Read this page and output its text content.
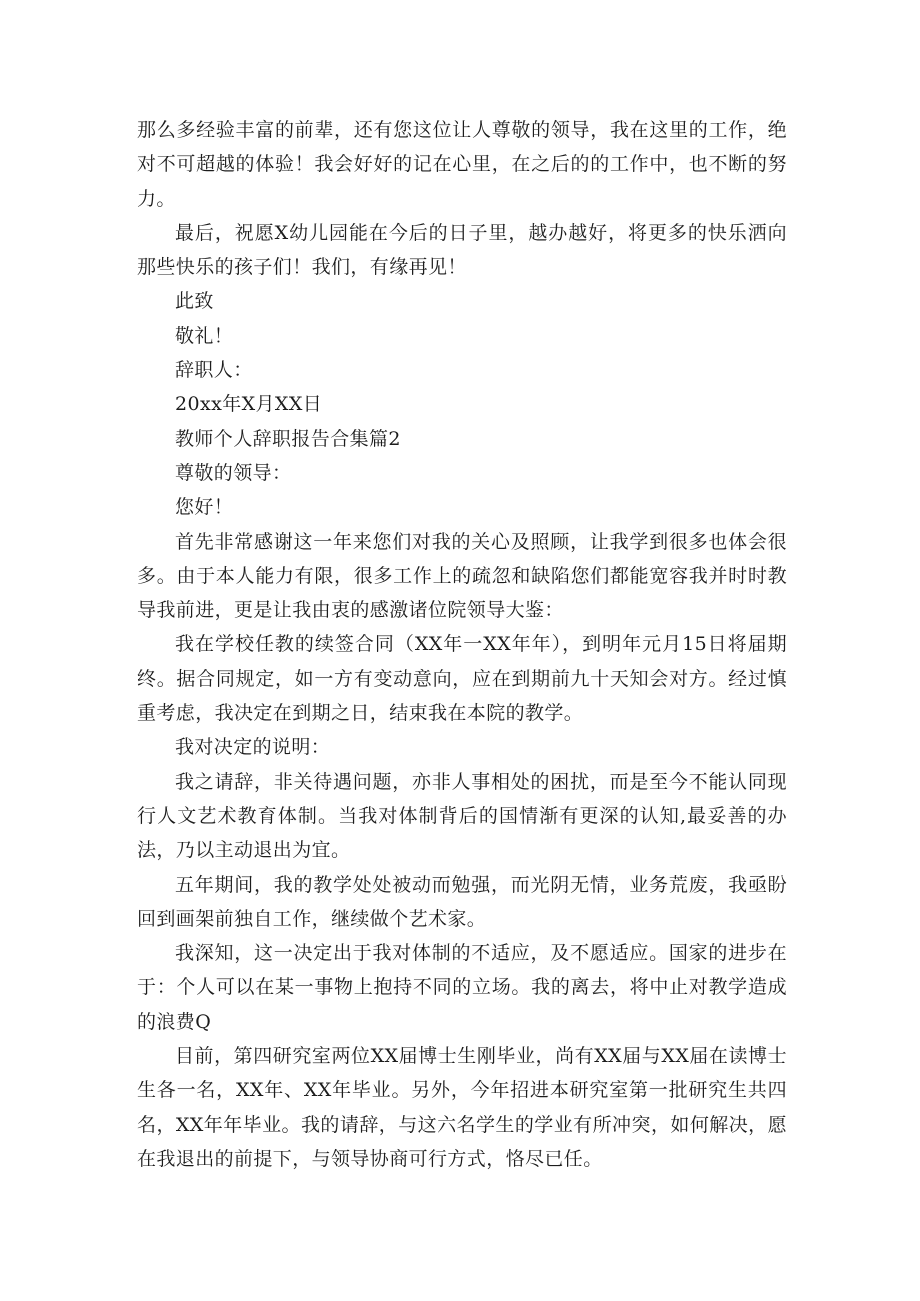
那么多经验丰富的前辈，还有您这位让人尊敬的领导，我在这里的工作，绝对不可超越的体验！我会好好的记在心里，在之后的的工作中，也不断的努力。

最后，祝愿X幼儿园能在今后的日子里，越办越好，将更多的快乐洒向那些快乐的孩子们！我们，有缘再见！

此致

敬礼！

辞职人：

20xx年X月XX日

教师个人辞职报告合集篇2

尊敬的领导：

您好！

首先非常感谢这一年来您们对我的关心及照顾，让我学到很多也体会很多。由于本人能力有限，很多工作上的疏忽和缺陷您们都能宽容我并时时教导我前进，更是让我由衷的感激诸位院领导大鉴：

我在学校任教的续签合同（XX年一XX年年），到明年元月15日将届期终。据合同规定，如一方有变动意向，应在到期前九十天知会对方。经过慎重考虑，我决定在到期之日，结束我在本院的教学。

我对决定的说明：

我之请辞，非关待遇问题，亦非人事相处的困扰，而是至今不能认同现行人文艺术教育体制。当我对体制背后的国情渐有更深的认知,最妥善的办法，乃以主动退出为宜。

五年期间，我的教学处处被动而勉强，而光阴无情，业务荒废，我亟盼回到画架前独自工作，继续做个艺术家。

我深知，这一决定出于我对体制的不适应，及不愿适应。国家的进步在于：个人可以在某一事物上抱持不同的立场。我的离去，将中止对教学造成的浪费Q

目前，第四研究室两位XX届博士生刚毕业，尚有XX届与XX届在读博士生各一名，XX年、XX年毕业。另外，今年招进本研究室第一批研究生共四名，XX年年毕业。我的请辞，与这六名学生的学业有所冲突，如何解决，愿在我退出的前提下，与领导协商可行方式，恪尽已任。
